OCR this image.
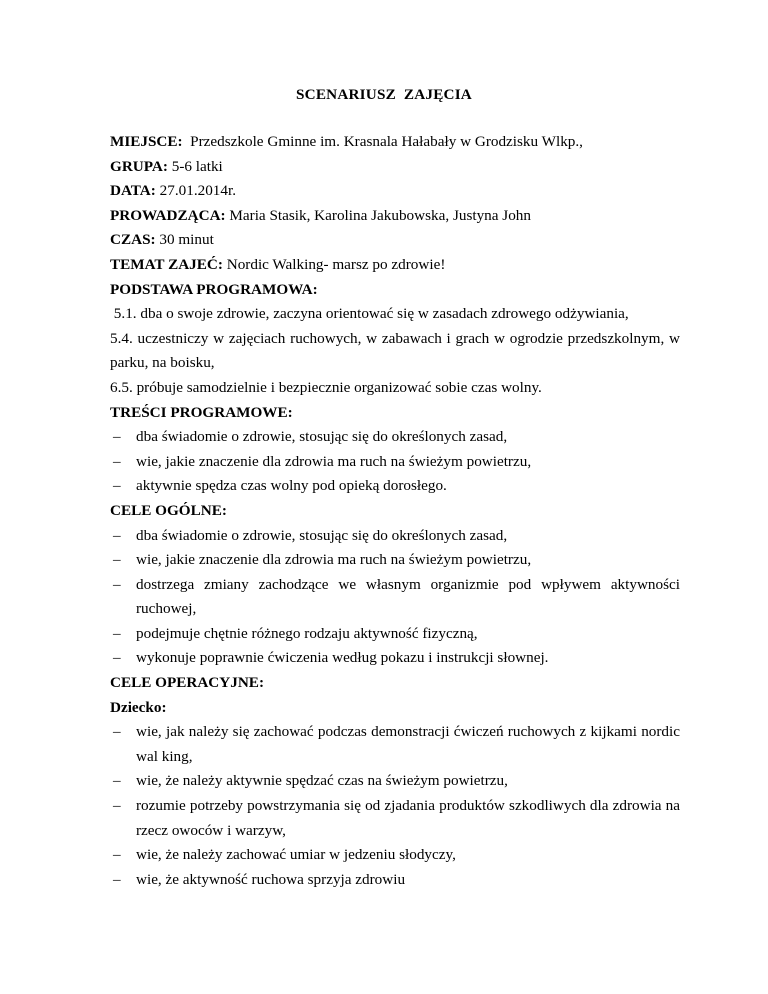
SCENARIUSZ  ZAJĘCIA

MIEJSCE:  Przedszkole Gminne im. Krasnala Hałabały w Grodzisku Wlkp.,

GRUPA: 5-6 latki

DATA: 27.01.2014r.

PROWADZĄCA: Maria Stasik, Karolina Jakubowska, Justyna John

CZAS: 30 minut

TEMAT ZAJEĆ: Nordic Walking- marsz po zdrowie!

PODSTAWA PROGRAMOWA:

5.1. dba o swoje zdrowie, zaczyna orientować się w zasadach zdrowego odżywiania,

5.4. uczestniczy w zajęciach ruchowych, w zabawach i grach w ogrodzie przedszkolnym, w parku, na boisku,

6.5. próbuje samodzielnie i bezpiecznie organizować sobie czas wolny.

TREŚCI PROGRAMOWE:

– dba świadomie o zdrowie, stosując się do określonych zasad,
– wie, jakie znaczenie dla zdrowia ma ruch na świeżym powietrzu,
– aktywnie spędza czas wolny pod opieką dorosłego.

CELE OGÓLNE:

– dba świadomie o zdrowie, stosując się do określonych zasad,
– wie, jakie znaczenie dla zdrowia ma ruch na świeżym powietrzu,
– dostrzega zmiany zachodzące we własnym organizmie pod wpływem aktywności ruchowej,
– podejmuje chętnie różnego rodzaju aktywność fizyczną,
– wykonuje poprawnie ćwiczenia według pokazu i instrukcji słownej.

CELE OPERACYJNE:

Dziecko:

– wie, jak należy się zachować podczas demonstracji ćwiczeń ruchowych z kijkami nordic wal king,
– wie, że należy aktywnie spędzać czas na świeżym powietrzu,
– rozumie potrzeby powstrzymania się od zjadania produktów szkodliwych dla zdrowia na rzecz owoców i warzyw,
– wie, że należy zachować umiar w jedzeniu słodyczy,
– wie, że aktywność ruchowa sprzyja zdrowiu
